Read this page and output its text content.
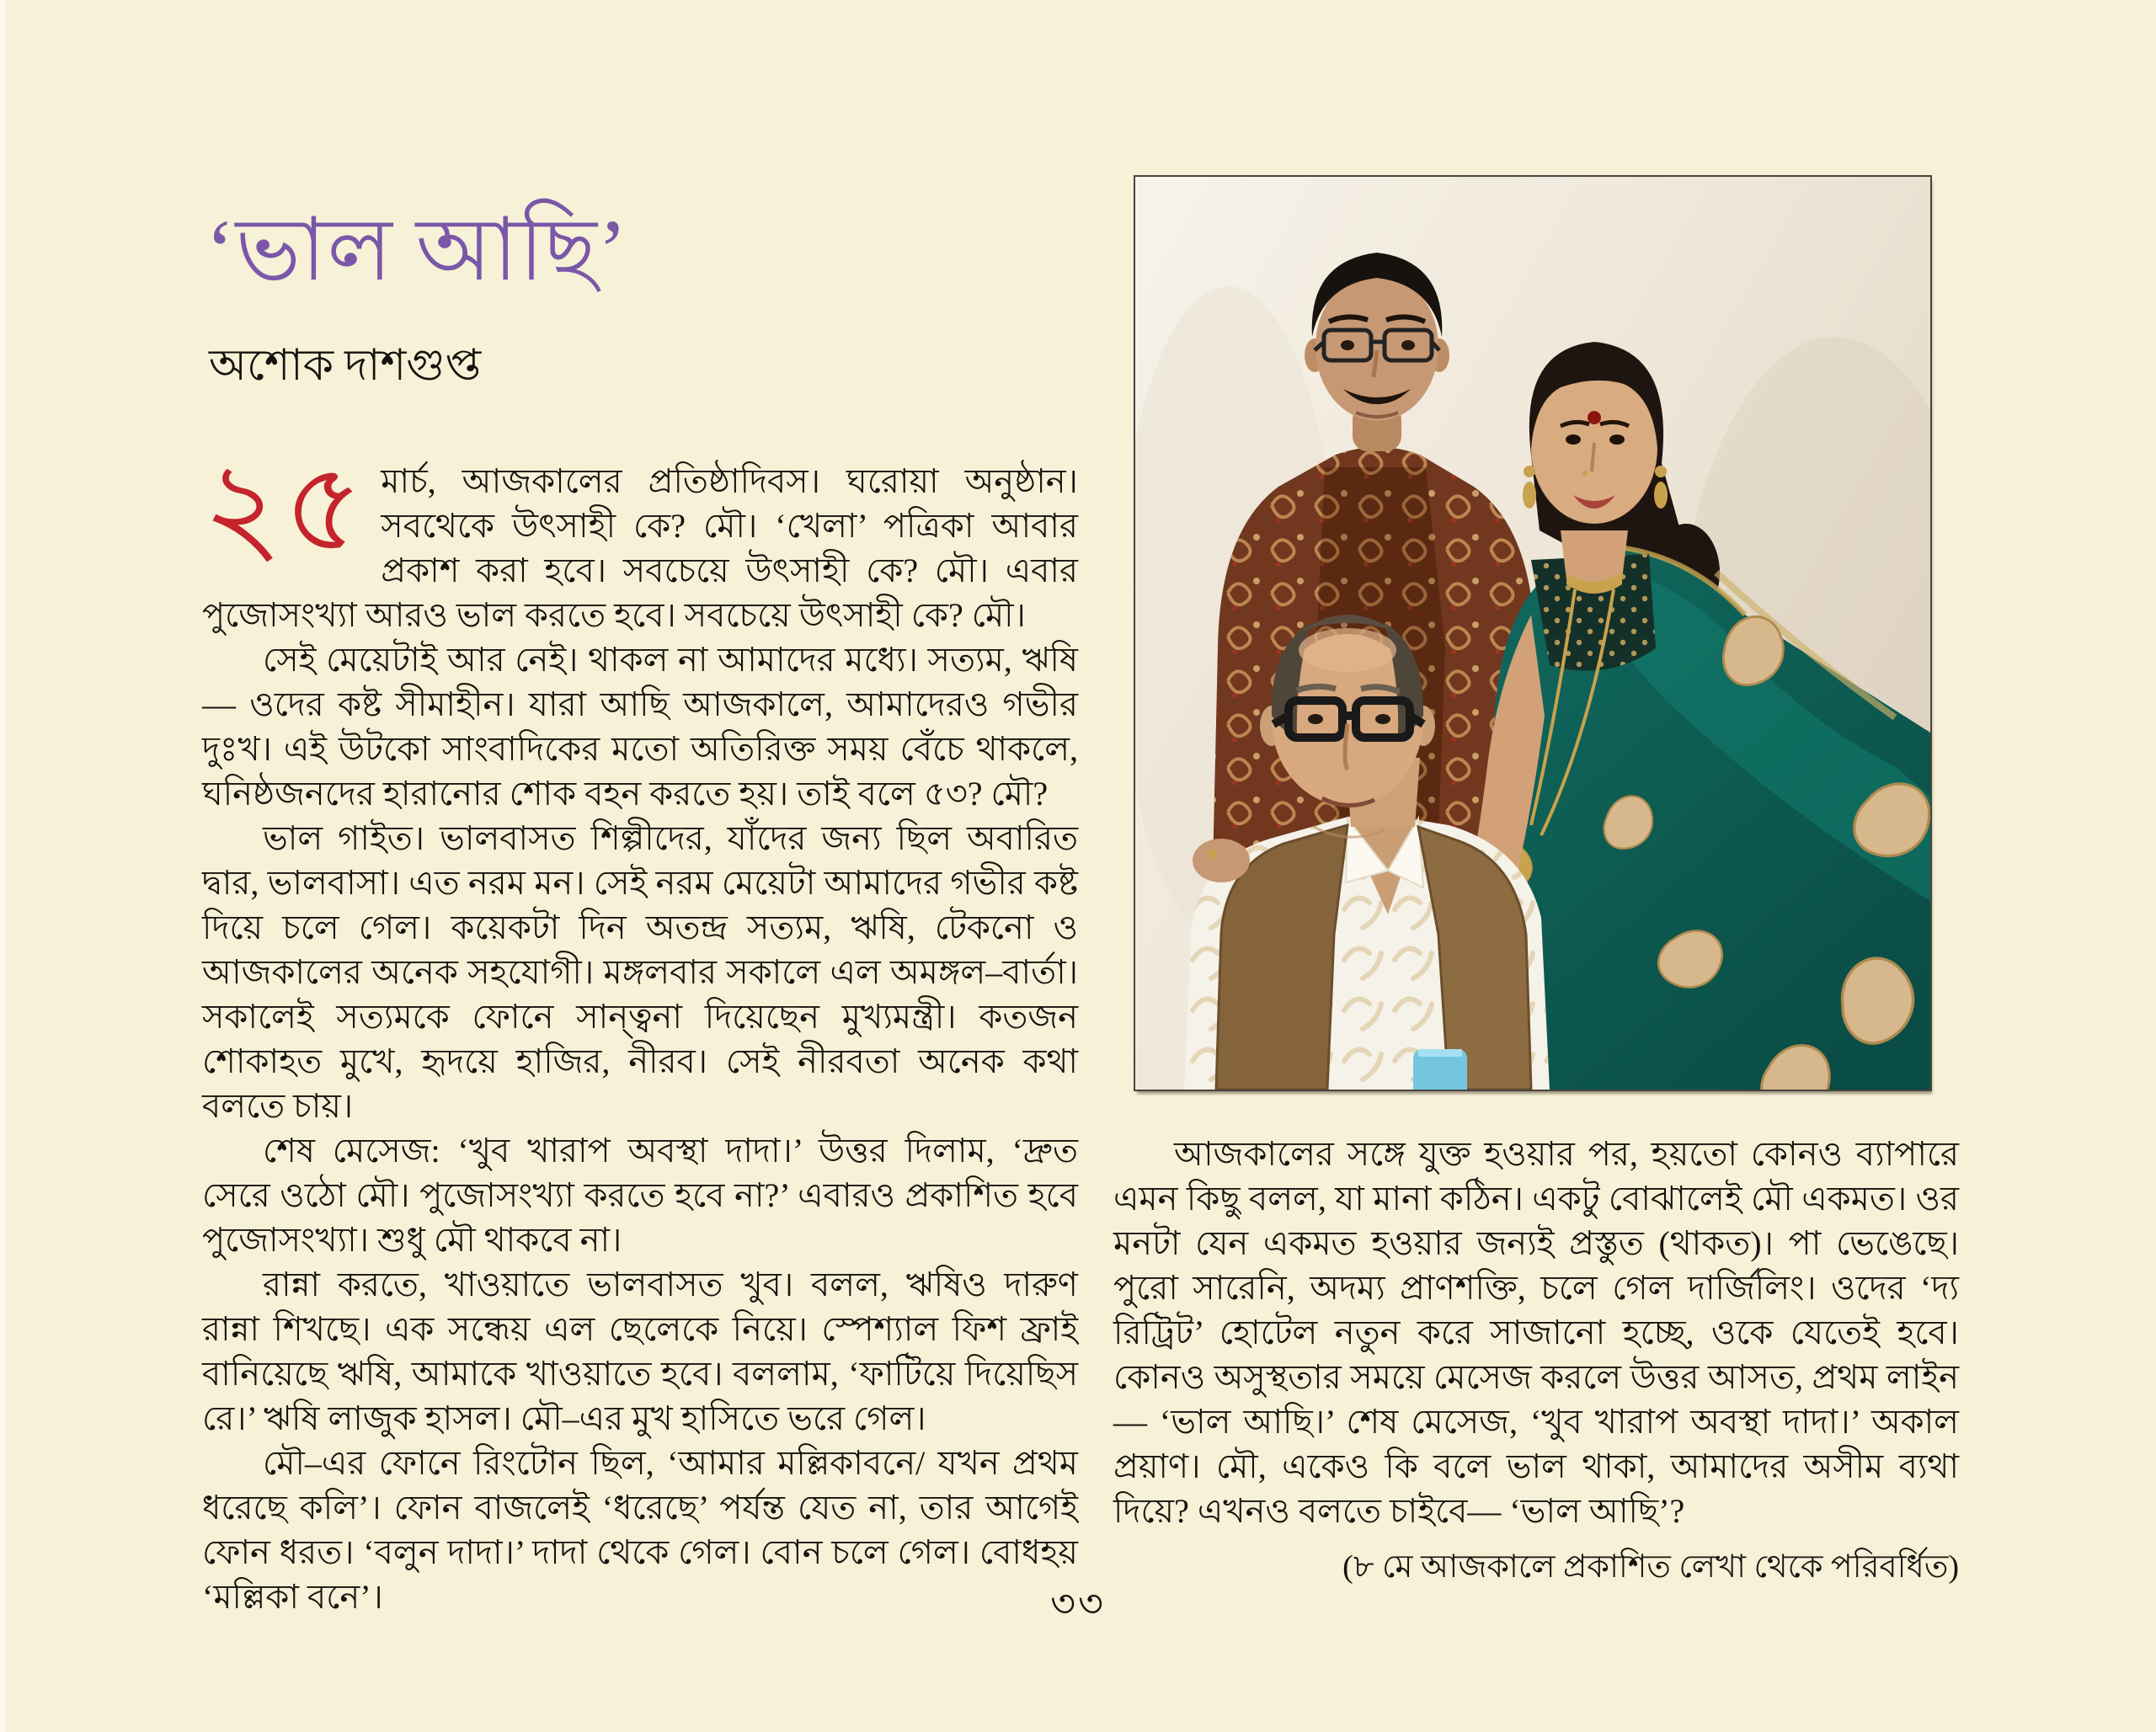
‘ভাল আছি’
অশোক দাশগুপ্ত

২৫ মার্চ, আজকালের প্রতিষ্ঠাদিবস। ঘরোয়া অনুষ্ঠান। সবথেকে উৎসাহী কে? মৌ। ‘খেলা’ পত্রিকা আবার প্রকাশ করা হবে। সবচেয়ে উৎসাহী কে? মৌ। এবার পুজোসংখ্যা আরও ভাল করতে হবে। সবচেয়ে উৎসাহী কে? মৌ।

সেই মেয়েটাই আর নেই। থাকল না আমাদের মধ্যে। সত্যম, ঋষি— ওদের কষ্ট সীমাহীন। যারা আছি আজকালে, আমাদেরও গভীর দুঃখ। এই উটকো সাংবাদিকের মতো অতিরিক্ত সময় বেঁচে থাকলে, ঘনিষ্ঠজনদের হারানোর শোক বহন করতে হয়। তাই বলে ৫৩? মৌ?

ভাল গাইত। ভালবাসত শিল্পীদের, যাঁদের জন্য ছিল অবারিত দ্বার, ভালবাসা। এত নরম মন। সেই নরম মেয়েটা আমাদের গভীর কষ্ট দিয়ে চলে গেল। কয়েকটা দিন অতন্দ্র সত্যম, ঋষি, টেকনো ও আজকালের অনেক সহযোগী। মঙ্গলবার সকালে এল অমঙ্গল–বার্তা। সকালেই সত্যমকে ফোনে সান্ত্বনা দিয়েছেন মুখ্যমন্ত্রী। কতজন শোকাহত মুখে, হৃদয়ে হাজির, নীরব। সেই নীরবতা অনেক কথা বলতে চায়।

শেষ মেসেজ: ‘খুব খারাপ অবস্থা দাদা।’ উত্তর দিলাম, ‘দ্রুত সেরে ওঠো মৌ। পুজোসংখ্যা করতে হবে না?’ এবারও প্রকাশিত হবে পুজোসংখ্যা। শুধু মৌ থাকবে না।

রান্না করতে, খাওয়াতে ভালবাসত খুব। বলল, ঋষিও দারুণ রান্না শিখছে। এক সন্ধেয় এল ছেলেকে নিয়ে। স্পেশ্যাল ফিশ ফ্রাই বানিয়েছে ঋষি, আমাকে খাওয়াতে হবে। বললাম, ‘ফাটিয়ে দিয়েছিস রে।’ ঋষি লাজুক হাসল। মৌ–এর মুখ হাসিতে ভরে গেল।

মৌ–এর ফোনে রিংটোন ছিল, ‘আমার মল্লিকাবনে/ যখন প্রথম ধরেছে কলি’। ফোন বাজলেই ‘ধরেছে’ পর্যন্ত যেত না, তার আগেই ফোন ধরত। ‘বলুন দাদা।’ দাদা থেকে গেল। বোন চলে গেল। বোধহয় ‘মল্লিকা বনে’।

আজকালের সঙ্গে যুক্ত হওয়ার পর, হয়তো কোনও ব্যাপারে এমন কিছু বলল, যা মানা কঠিন। একটু বোঝালেই মৌ একমত। ওর মনটা যেন একমত হওয়ার জন্যই প্রস্তুত (থাকত)। পা ভেঙেছে। পুরো সারেনি, অদম্য প্রাণশক্তি, চলে গেল দার্জিলিং। ওদের ‘দ্য রিট্রিট’ হোটেল নতুন করে সাজানো হচ্ছে, ওকে যেতেই হবে। কোনও অসুস্থতার সময়ে মেসেজ করলে উত্তর আসত, প্রথম লাইন— ‘ভাল আছি।’ শেষ মেসেজ, ‘খুব খারাপ অবস্থা দাদা।’ অকাল প্রয়াণ। মৌ, একেও কি বলে ভাল থাকা, আমাদের অসীম ব্যথা দিয়ে? এখনও বলতে চাইবে— ‘ভাল আছি’?

(৮ মে আজকালে প্রকাশিত লেখা থেকে পরিবর্ধিত)

৩৩
